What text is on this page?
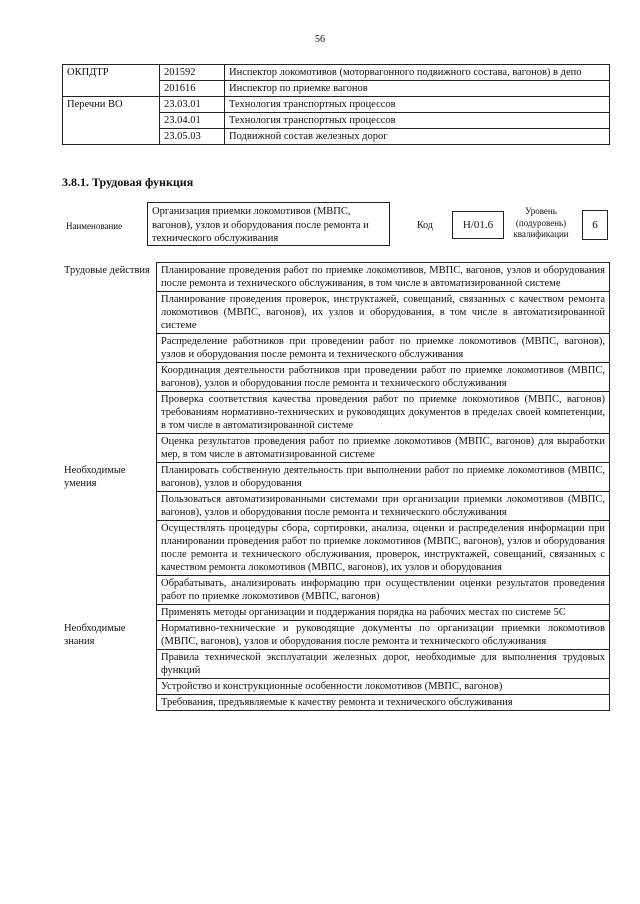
56
ОКПДТР	201592	Инспектор локомотивов (моторвагонного подвижного состава, вагонов) в депо
	201616	Инспектор по приемке вагонов
Перечни ВО	23.03.01	Технология транспортных процессов
	23.04.01	Технология транспортных процессов
	23.05.03	Подвижной состав железных дорог
3.8.1. Трудовая функция
Наименование
Организация приемки локомотивов (МВПС, вагонов), узлов и оборудования после ремонта и технического обслуживания
Код	Н/01.6
Уровень (подуровень) квалификации
6
Трудовые действия	Планирование проведения работ по приемке локомотивов, МВПС, вагонов, узлов и оборудования после ремонта и технического обслуживания, в том числе в автоматизированной системе
	Планирование проведения проверок, инструктажей, совещаний, связанных с качеством ремонта локомотивов (МВПС, вагонов), их узлов и оборудования, в том числе в автоматизированной системе
	Распределение работников при проведении работ по приемке локомотивов (МВПС, вагонов), узлов и оборудования после ремонта и технического обслуживания
	Координация деятельности работников при проведении работ по приемке локомотивов (МВПС, вагонов), узлов и оборудования после ремонта и технического обслуживания
	Проверка соответствия качества проведения работ по приемке локомотивов (МВПС, вагонов) требованиям нормативно-технических и руководящих документов в пределах своей компетенции, в том числе в автоматизированной системе
	Оценка результатов проведения работ по приемке локомотивов (МВПС, вагонов) для выработки мер, в том числе в автоматизированной системе
Необходимые умения	Планировать собственную деятельность при выполнении работ по приемке локомотивов (МВПС, вагонов), узлов и оборудования
	Пользоваться автоматизированными системами при организации приемки локомотивов (МВПС, вагонов), узлов и оборудования после ремонта и технического обслуживания
	Осуществлять процедуры сбора, сортировки, анализа, оценки и распределения информации при планировании проведения работ по приемке локомотивов (МВПС, вагонов), узлов и оборудования после ремонта и технического обслуживания, проверок, инструктажей, совещаний, связанных с качеством ремонта локомотивов (МВПС, вагонов), их узлов и оборудования
	Обрабатывать, анализировать информацию при осуществлении оценки результатов проведения работ по приемке локомотивов (МВПС, вагонов)
	Применять методы организации и поддержания порядка на рабочих местах по системе 5С
Необходимые знания	Нормативно-технические и руководящие документы по организации приемки локомотивов (МВПС, вагонов), узлов и оборудования после ремонта и технического обслуживания
	Правила технической эксплуатации железных дорог, необходимые для выполнения трудовых функций
	Устройство и конструкционные особенности локомотивов (МВПС, вагонов)
	Требования, предъявляемые к качеству ремонта и технического обслуживания
